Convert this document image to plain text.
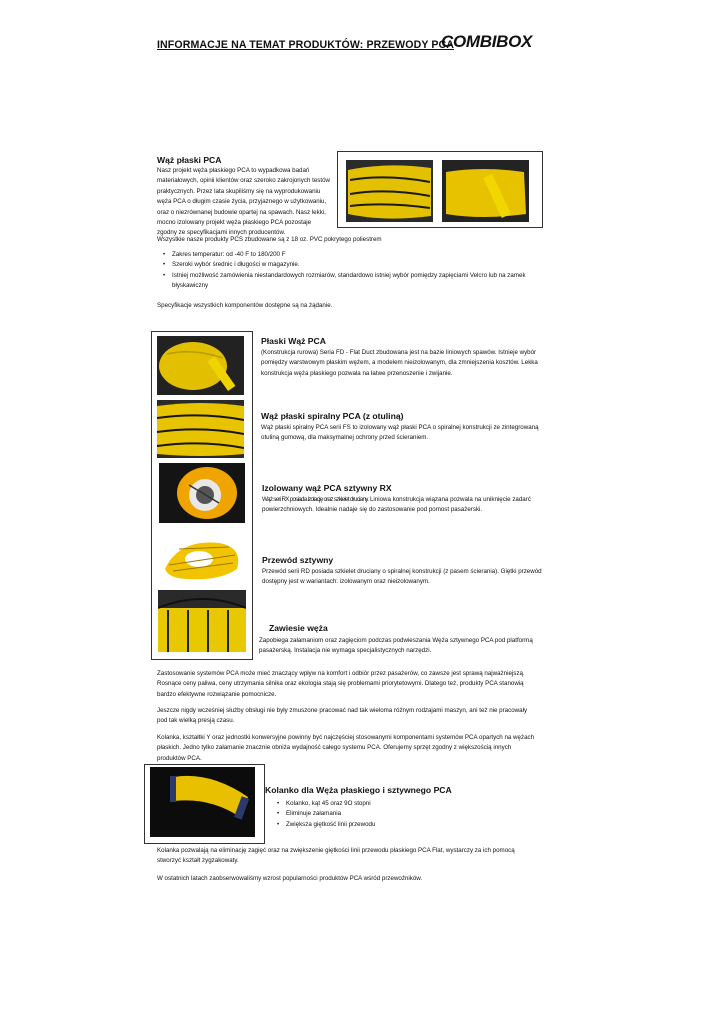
INFORMACJE NA TEMAT PRODUKTÓW: PRZEWODY PCA
COMBIBOX
Wąż płaski PCA
Nasz projekt węża płaskiego PCA to wypadkowa badań
materiałowych, opinii klientów oraz szeroko zakrojonych testów
praktycznych. Przez lata skupiliśmy się na wyprodukowaniu
węża PCA o długim czasie życia, przyjaznego w użytkowaniu,
oraz o niezrównanej budowie opartej na spawach. Nasz lekki,
mocno izolowany projekt węża płaskiego PCA pozostaje
zgodny ze specyfikacjami innych producentów.
Wszystkie nasze produkty PCS zbudowane są z 18 oz. PVC pokrytego poliestrem
• Zakres temperatur: od -40 F to 180/200 F
• Szeroki wybór średnic i długości w magazynie.
• Istniej możliwość zamówienia niestandardowych rozmiarów, standardowo istniej wybór pomiędzy zapięciami Velcro lub na zamek błyskawiczny
Specyfikacje wszystkich komponentów dostępne są na żądanie.
Płaski Wąż PCA
(Konstrukcja rurowa) Seria FD - Flat Duct zbudowana jest na bazie liniowych spawów. Istnieje wybór pomiędzy warstwowym płaskim wężem, a modelem nieizolowanym, dla zmniejszenia kosztów. Lekka konstrukcja węża płaskiego pozwala na łatwe przenoszenie i zwijanie.
Wąż płaski spiralny PCA (z otuliną)
Wąż płaski spiralny PCA serii FS to izolowany wąż płaski PCA o spiralnej konstrukcji ze zintegrowaną otuliną gumową, dla maksymalnej ochrony przed ścieraniem.
Izolowany wąż PCA sztywny RX
Wąż seri RX posiada izolację oraz szkielet druciany. Liniowa konstrukcja wiązana pozwala na uniknięcie zadarć powierzchniowych. Idealnie nadaje się do zastosowanie pod pomost pasażerski.
Przewód sztywny
Przewód serii RD posiada szkielet druciany o spiralnej konstrukcji (z pasem ścierania). Giętki przewód dostępny jest w wariantach: izolowanym oraz nieizolowanym.
Zawiesie węża
Zapobiega załamaniom oraz zagięciom podczas podwieszania Węża sztywnego PCA pod platformą pasażerską. Instalacja nie wymaga specjalistycznych narzędzi.
Zastosowanie systemów PCA może mieć znaczący wpływ na komfort i odbiór przez pasażerów, co zawsze jest sprawą najważniejszą. Rosnące ceny paliwa, ceny utrzymania silnika oraz ekologia stają się problemami priorytetowymi. Dlatego też, produkty PCA stanowią bardzo efektywne rozwiązanie pomocnicze.
Jeszcze nigdy wcześniej służby obsługi nie były zmuszone pracować nad tak wieloma różnym rodzajami maszyn, ani też nie pracowały pod tak wielką presją czasu.
Kolanka, kształtki Y oraz jednostki konwersyjne powinny być najczęściej stosowanymi komponentami systemów PCA opartych na wężach płaskich. Jedno tylko załamanie znacznie obniża wydajność całego systemu PCA. Oferujemy sprzęt zgodny z większością innych produktów PCA.
Kolanko dla Węża płaskiego i sztywnego PCA
• Kolanko, kąt 45 oraz 9O stopni
• Eliminuje załamania
• Zwiększa giętkość linii przewodu
Kolanka pozwalają na eliminację zagięć oraz na zwiększenie giętkości linii przewodu płaskiego PCA Flat, wystarczy za ich pomocą stworzyć kształt zygzakowaty.
W ostatnich latach zaobserwowaliśmy wzrost popularności produktów PCA wśród przewoźników.
